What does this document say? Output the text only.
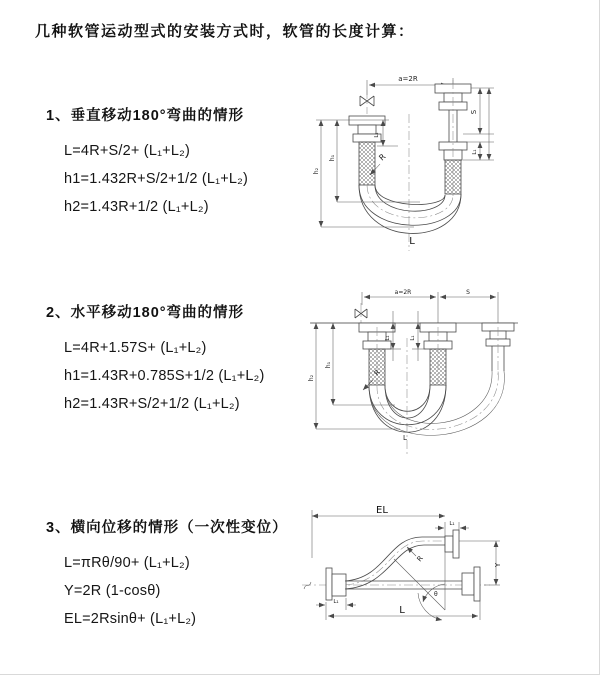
几种软管运动型式的安装方式时，软管的长度计算：

1、垂直移动180°弯曲的情形

L=4R+S/2+ (L₁+L₂)

h1=1.432R+S/2+1/2 (L₁+L₂)

h2=1.43R+1/2 (L₁+L₂)

2、水平移动180°弯曲的情形

L=4R+1.57S+ (L₁+L₂)

h1=1.43R+0.785S+1/2 (L₁+L₂)

h2=1.43R+S/2+1/2 (L₁+L₂)

3、横向位移的情形（一次性变位）

L=πRθ/90+ (L₁+L₂)

Y=2R (1-cosθ)

EL=2Rsinθ+ (L₁+L₂)

a=2R
R
h₁
h₂
L₁
S
L₁
L
a=2R	S
R
h₂
h₁
L₁	L₁
L
EL
L₁
Y
R
θ
L
L₁
